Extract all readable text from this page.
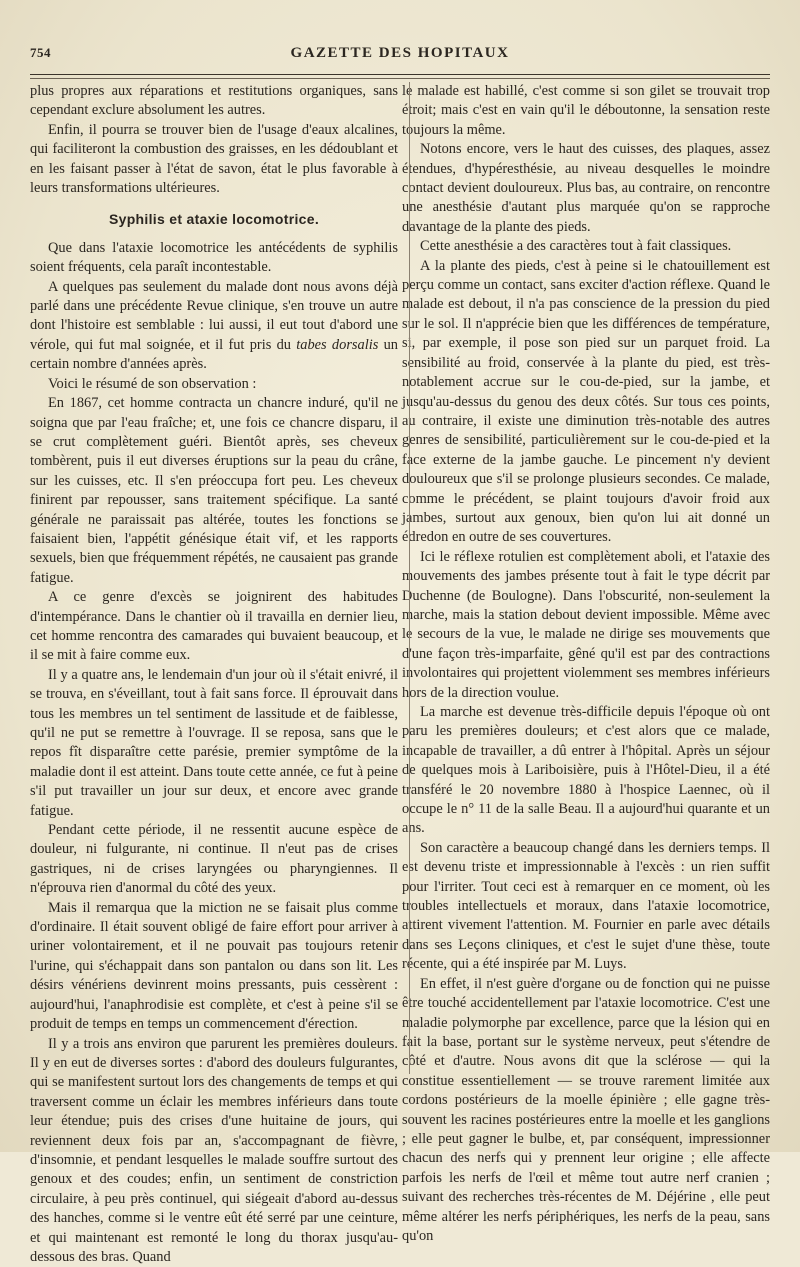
754	GAZETTE DES HOPITAUX

plus propres aux réparations et restitutions organiques, sans cependant exclure absolument les autres.

Enfin, il pourra se trouver bien de l'usage d'eaux alcalines, qui faciliteront la combustion des graisses, en les dédoublant et en les faisant passer à l'état de savon, état le plus favorable à leurs transformations ultérieures.

Syphilis et ataxie locomotrice.

Que dans l'ataxie locomotrice les antécédents de syphilis soient fréquents, cela paraît incontestable.

A quelques pas seulement du malade dont nous avons déjà parlé dans une précédente Revue clinique, s'en trouve un autre dont l'histoire est semblable : lui aussi, il eut tout d'abord une vérole, qui fut mal soignée, et il fut pris du tabes dorsalis un certain nombre d'années après.

Voici le résumé de son observation :

En 1867, cet homme contracta un chancre induré, qu'il ne soigna que par l'eau fraîche; et, une fois ce chancre disparu, il se crut complètement guéri. Bientôt après, ses cheveux tombèrent, puis il eut diverses éruptions sur la peau du crâne, sur les cuisses, etc. Il s'en préoccupa fort peu. Les cheveux finirent par repousser, sans traitement spécifique. La santé générale ne paraissait pas altérée, toutes les fonctions se faisaient bien, l'appétit génésique était vif, et les rapports sexuels, bien que fréquemment répétés, ne causaient pas grande fatigue.

A ce genre d'excès se joignirent des habitudes d'intempérance. Dans le chantier où il travailla en dernier lieu, cet homme rencontra des camarades qui buvaient beaucoup, et il se mit à faire comme eux.

Il y a quatre ans, le lendemain d'un jour où il s'était enivré, il se trouva, en s'éveillant, tout à fait sans force. Il éprouvait dans tous les membres un tel sentiment de lassitude et de faiblesse, qu'il ne put se remettre à l'ouvrage. Il se reposa, sans que le repos fît disparaître cette parésie, premier symptôme de la maladie dont il est atteint. Dans toute cette année, ce fut à peine s'il put travailler un jour sur deux, et encore avec grande fatigue.

Pendant cette période, il ne ressentit aucune espèce de douleur, ni fulgurante, ni continue. Il n'eut pas de crises gastriques, ni de crises laryngées ou pharyngiennes. Il n'éprouva rien d'anormal du côté des yeux.

Mais il remarqua que la miction ne se faisait plus comme d'ordinaire. Il était souvent obligé de faire effort pour arriver à uriner volontairement, et il ne pouvait pas toujours retenir l'urine, qui s'échappait dans son pantalon ou dans son lit. Les désirs vénériens devinrent moins pressants, puis cessèrent : aujourd'hui, l'anaphrodisie est complète, et c'est à peine s'il se produit de temps en temps un commencement d'érection.

Il y a trois ans environ que parurent les premières douleurs. Il y en eut de diverses sortes : d'abord des douleurs fulgurantes, qui se manifestent surtout lors des changements de temps et qui traversent comme un éclair les membres inférieurs dans toute leur étendue; puis des crises d'une huitaine de jours, qui reviennent deux fois par an, s'accompagnant de fièvre, d'insomnie, et pendant lesquelles le malade souffre surtout des genoux et des coudes; enfin, un sentiment de constriction circulaire, à peu près continuel, qui siégeait d'abord au-dessus des hanches, comme si le ventre eût été serré par une ceinture, et qui maintenant est remonté le long du thorax jusqu'au-dessous des bras. Quand

le malade est habillé, c'est comme si son gilet se trouvait trop étroit; mais c'est en vain qu'il le déboutonne, la sensation reste toujours la même.

Notons encore, vers le haut des cuisses, des plaques, assez étendues, d'hypéresthésie, au niveau desquelles le moindre contact devient douloureux. Plus bas, au contraire, on rencontre une anesthésie d'autant plus marquée qu'on se rapproche davantage de la plante des pieds.

Cette anesthésie a des caractères tout à fait classiques.

A la plante des pieds, c'est à peine si le chatouillement est perçu comme un contact, sans exciter d'action réflexe. Quand le malade est debout, il n'a pas conscience de la pression du pied sur le sol. Il n'apprécie bien que les différences de température, si, par exemple, il pose son pied sur un parquet froid. La sensibilité au froid, conservée à la plante du pied, est très-notablement accrue sur le cou-de-pied, sur la jambe, et jusqu'au-dessus du genou des deux côtés. Sur tous ces points, au contraire, il existe une diminution très-notable des autres genres de sensibilité, particulièrement sur le cou-de-pied et la face externe de la jambe gauche. Le pincement n'y devient douloureux que s'il se prolonge plusieurs secondes. Ce malade, comme le précédent, se plaint toujours d'avoir froid aux jambes, surtout aux genoux, bien qu'on lui ait donné un édredon en outre de ses couvertures.

Ici le réflexe rotulien est complètement aboli, et l'ataxie des mouvements des jambes présente tout à fait le type décrit par Duchenne (de Boulogne). Dans l'obscurité, non-seulement la marche, mais la station debout devient impossible. Même avec le secours de la vue, le malade ne dirige ses mouvements que d'une façon très-imparfaite, gêné qu'il est par des contractions involontaires qui projettent violemment ses membres inférieurs hors de la direction voulue.

La marche est devenue très-difficile depuis l'époque où ont paru les premières douleurs; et c'est alors que ce malade, incapable de travailler, a dû entrer à l'hôpital. Après un séjour de quelques mois à Lariboisière, puis à l'Hôtel-Dieu, il a été transféré le 20 novembre 1880 à l'hospice Laennec, où il occupe le n° 11 de la salle Beau. Il a aujourd'hui quarante et un ans.

Son caractère a beaucoup changé dans les derniers temps. Il est devenu triste et impressionnable à l'excès : un rien suffit pour l'irriter. Tout ceci est à remarquer en ce moment, où les troubles intellectuels et moraux, dans l'ataxie locomotrice, attirent vivement l'attention. M. Fournier en parle avec détails dans ses Leçons cliniques, et c'est le sujet d'une thèse, toute récente, qui a été inspirée par M. Luys.

En effet, il n'est guère d'organe ou de fonction qui ne puisse être touché accidentellement par l'ataxie locomotrice. C'est une maladie polymorphe par excellence, parce que la lésion qui en fait la base, portant sur le système nerveux, peut s'étendre de côté et d'autre. Nous avons dit que la sclérose — qui la constitue essentiellement — se trouve rarement limitée aux cordons postérieurs de la moelle épinière ; elle gagne très-souvent les racines postérieures entre la moelle et les ganglions ; elle peut gagner le bulbe, et, par conséquent, impressionner chacun des nerfs qui y prennent leur origine ; elle affecte parfois les nerfs de l'œil et même tout autre nerf cranien ; suivant des recherches très-récentes de M. Déjérine , elle peut même altérer les nerfs périphériques, les nerfs de la peau, sans qu'on
